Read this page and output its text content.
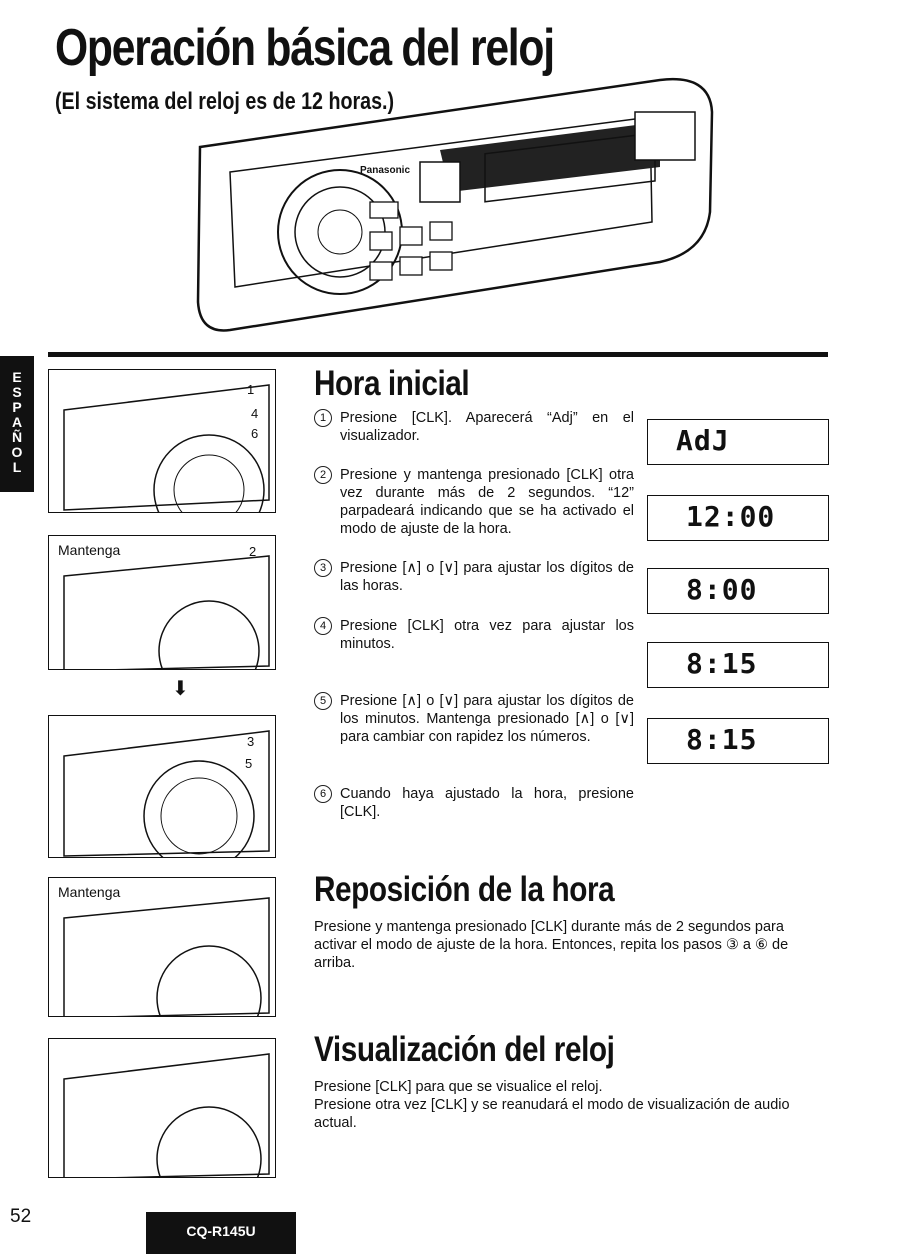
Operación básica del reloj
(El sistema del reloj es de 12 horas.)
Panasonic
E
S
P
A
Ñ
O
L
1
4
6
Mantenga	2
⬇
3
5
Mantenga
Hora inicial
1 Presione [CLK]. Aparecerá “Adj” en el visualizador.
2 Presione y mantenga presionado [CLK] otra vez durante más de 2 segundos. “12” parpadeará indicando que se ha activado el modo de ajuste de la hora.
3 Presione [∧] o [∨] para ajustar los dígitos de las horas.
4 Presione [CLK] otra vez para ajustar los minutos.
5 Presione [∧] o [∨] para ajustar los dígitos de los minutos. Mantenga presionado [∧] o [∨] para cambiar con rapidez los números.
6 Cuando haya ajustado la hora, presione [CLK].
AdJ
12:00
8:00
8:15
8:15
Reposición de la hora
Presione y mantenga presionado [CLK] durante más de 2 segundos para activar el modo de ajuste de la hora. Entonces, repita los pasos ③ a ⑥ de arriba.
Visualización del reloj
Presione [CLK] para que se visualice el reloj.
Presione otra vez [CLK] y se reanudará el modo de visualización de audio actual.
52
CQ-R145U
